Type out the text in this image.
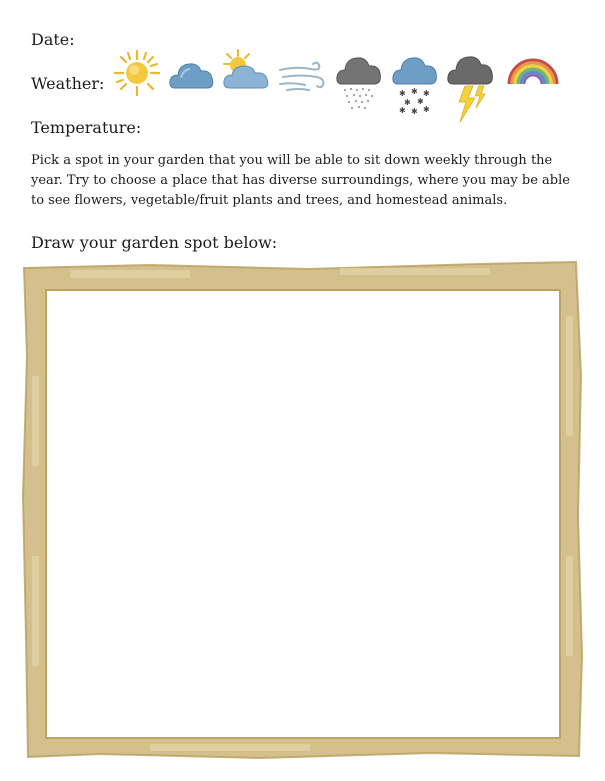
Date:
Weather:
✱ ✱ ✱
✱ ✱
✱ ✱ ✱
Temperature:

Pick a spot in your garden that you will be able to sit down weekly through the year. Try to choose a place that has diverse surroundings, where you may be able to see flowers, vegetable/fruit plants and trees, and homestead animals.

Draw your garden spot below:
